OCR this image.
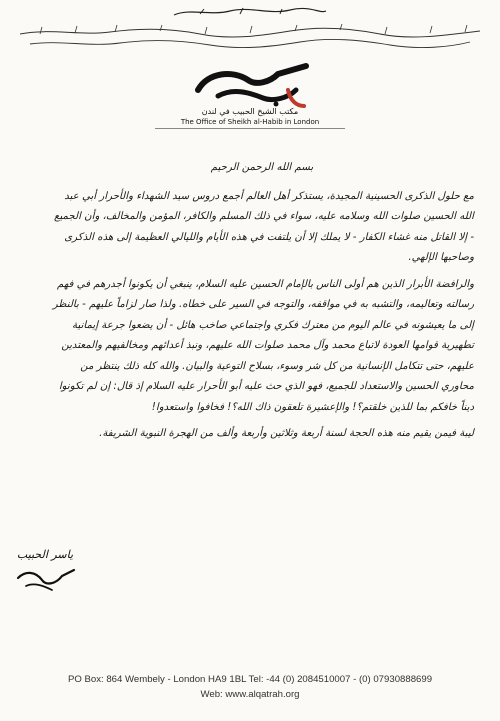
مكتب الشيخ الحبيب في لندن
The Office of Sheikh al-Habib in London

بسم الله الرحمن الرحيم

مع حلول الذكرى الحسينية المجيدة، يستذكر أهل العالم أجمع دروس سيد الشهداء والأحرار أبي عبد الله الحسين صلوات الله وسلامه عليه، سواء في ذلك المسلم والكافر، المؤمن والمخالف، وأن الجميع - إلا القاتل منه غشاء الكفار - لا يملك إلا أن يلتفت في هذه الأيام والليالي العظيمة إلى هذه الذكرى وصاحبها الإلهي.

والرافضة الأبرار الذين هم أولى الناس بالإمام الحسين عليه السلام، ينبغي أن يكونوا أجدرهم في فهم رسالته وتعاليمه، والتشبه به في مواقفه، والتوجه في السير على خطاه. ولذا صار لزاماً عليهم - بالنظر إلى ما يعيشونه في عالم اليوم من معترك فكري واجتماعي صاخب هائل - أن يضعوا جرعة إيمانية تطهيرية قوامها العودة لاتباع محمد وآل محمد صلوات الله عليهم، ونبذ أعدائهم ومخالفيهم والمعتدين عليهم، حتى تتكامل الإنسانية من كل شر وسوء، بسلاح التوعية والبيان. والله كله ذلك ينتظر من محاوري الحسين والاستعداد للجميع، فهو الذي حث عليه أبو الأحرار عليه السلام إذ قال: إن لم تكونوا ديناً خافكم بما للذين خلقتم؟! والإعشيرة تلعقون ذاك الله؟! فخافوا واستعدوا!

ليبة فيمن يقيم منه هذه الحجة لسنة أربعة وثلاثين وأربعة وألف من الهجرة النبوية الشريفة.

ياسر الحبيب
PO Box: 864 Wembely - London HA9 1BL Tel: -44 (0) 2084510007 - (0) 07930888699
Web: www.alqatrah.org
